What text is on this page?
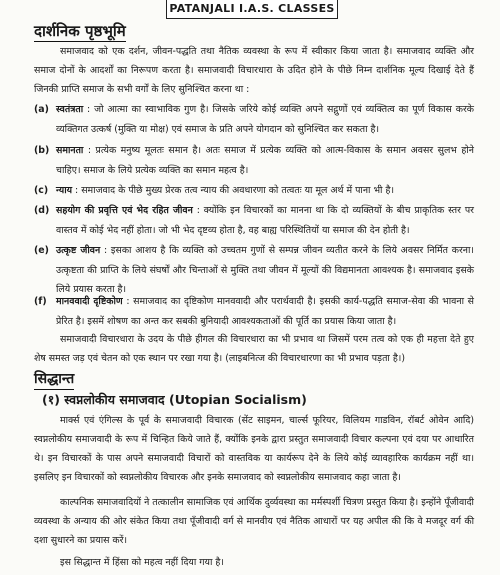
PATANJALI I.A.S. CLASSES
दार्शनिक पृष्ठभूमि
समाजवाद को एक दर्शन, जीवन-पद्धति तथा नैतिक व्यवस्था के रूप में स्वीकार किया जाता है। समाजवाद व्यक्ति और समाज दोनों के आदर्शों का निरूपण करता है। समाजवादी विचारधारा के उदित होने के पीछे निम्न दार्शनिक मूल्य दिखाई देते हैं जिनकी प्राप्ति समाज के सभी वर्गों के लिए सुनिश्चित करना था :
(a) स्वतंत्रता : जो आत्मा का स्वाभाविक गुण है। जिसके जरिये कोई व्यक्ति अपने सद्गुणों एवं व्यक्तित्व का पूर्ण विकास करके व्यक्तिगत उत्कर्ष (मुक्ति या मोक्ष) एवं समाज के प्रति अपने योगदान को सुनिश्चित कर सकता है।
(b) समानता : प्रत्येक मनुष्य मूलतः समान है। अतः समाज में प्रत्येक व्यक्ति को आत्म-विकास के समान अवसर सुलभ होने चाहिए। समाज के लिये प्रत्येक व्यक्ति का समान महत्व है।
(c) न्याय : समाजवाद के पीछे मुख्य प्रेरक तत्व न्याय की अवधारणा को तत्वतः या मूल अर्थ में पाना भी है।
(d) सहयोग की प्रवृत्ति एवं भेद रहित जीवन : क्योंकि इन विचारकों का मानना था कि दो व्यक्तियों के बीच प्राकृतिक स्तर पर वास्तव में कोई भेद नहीं होता। जो भी भेद दृष्टव्य होता है, वह बाह्य परिस्थितियों या समाज की देन होती है।
(e) उत्कृष्ट जीवन : इसका आशय है कि व्यक्ति को उच्चतम गुणों से सम्पन्न जीवन व्यतीत करने के लिये अवसर निर्मित करना। उत्कृष्टता की प्राप्ति के लिये संघर्षों और चिन्ताओं से मुक्ति तथा जीवन में मूल्यों की विद्यमानता आवश्यक है। समाजवाद इसके लिये प्रयास करता है।
(f) मानववादी दृष्टिकोण : समाजवाद का दृष्टिकोण मानववादी और परार्थवादी है। इसकी कार्य-पद्धति समाज-सेवा की भावना से प्रेरित है। इसमें शोषण का अन्त कर सबकी बुनियादी आवश्यकताओं की पूर्ति का प्रयास किया जाता है।
समाजवादी विचारधारा के उदय के पीछे हीगल की विचारधारा का भी प्रभाव था जिसमें परम तत्व को एक ही महत्ता देते हुए शेष समस्त जड़ एवं चेतन को एक स्थान पर रखा गया है। (लाइबनित्ज की विचारधारणा का भी प्रभाव पड़ता है।)
सिद्धान्त
(१) स्वप्नलोकीय समाजवाद (Utopian Socialism)
मार्क्स एवं एंगिल्स के पूर्व के समाजवादी विचारक (सेंट साइमन, चार्ल्स फूरियर, विलियम गाडविन, रॉबर्ट ओवेन आदि) स्वप्नलोकीय समाजवादी के रूप में चिन्हित किये जाते हैं, क्योंकि इनके द्वारा प्रस्तुत समाजवादी विचार कल्पना एवं दया पर आधारित थे। इन विचारकों के पास अपने समाजवादी विचारों को वास्तविक या कार्यरूप देने के लिये कोई व्यावहारिक कार्यक्रम नहीं था। इसलिए इन विचारकों को स्वप्नलोकीय विचारक और इनके समाजवाद को स्वप्नलोकीय समाजवाद कहा जाता है।
काल्पनिक समाजवादियों ने तत्कालीन सामाजिक एवं आर्थिक दुर्व्यवस्था का मर्मस्पर्शी चित्रण प्रस्तुत किया है। इन्होंने पूँजीवादी व्यवस्था के अन्याय की ओर संकेत किया तथा पूँजीवादी वर्ग से मानवीय एवं नैतिक आधारों पर यह अपील की कि वे मजदूर वर्ग की दशा सुधारने का प्रयास करें।
इस सिद्धान्त में हिंसा को महत्व नहीं दिया गया है।
